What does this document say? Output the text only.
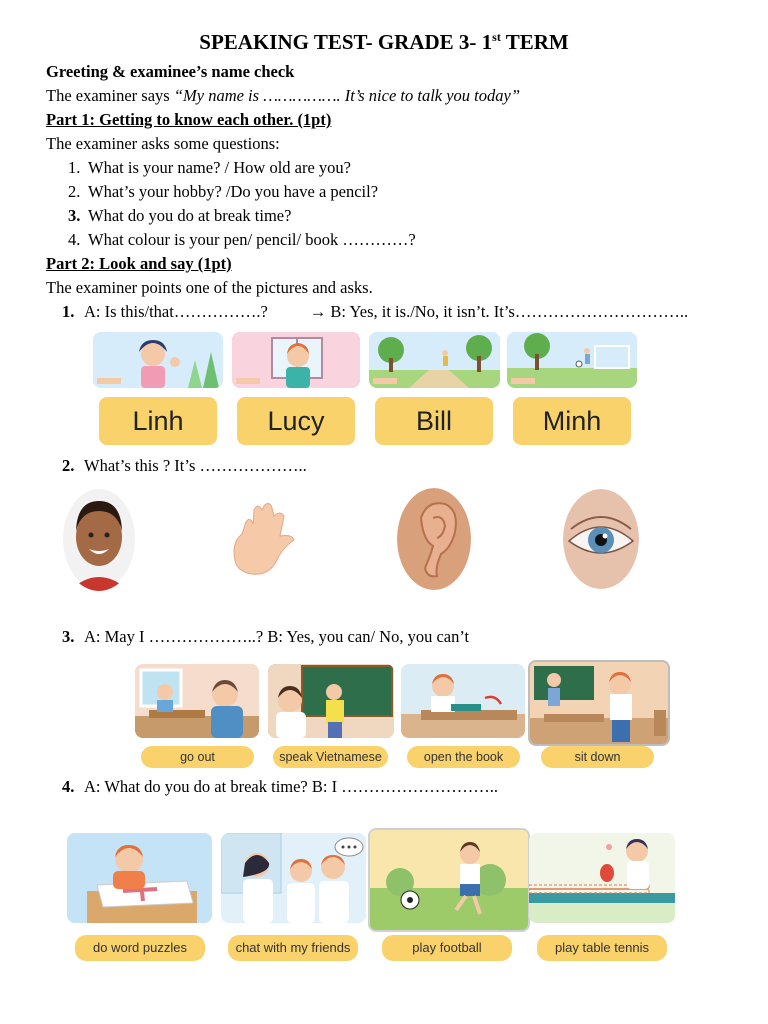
SPEAKING TEST- GRADE 3- 1st TERM
Greeting & examinee’s name check
The examiner says “My name is ……………. It’s nice to talk you today”
Part 1: Getting to know each other. (1pt)
The examiner asks some questions:
1. What is your name? / How old are you?
2. What’s your hobby? /Do you have a pencil?
3. What do you do at break time?
4. What colour is your pen/ pencil/ book …………?
Part 2: Look and say (1pt)
The examiner points one of the pictures and asks.
1. A: Is this/that…………….?	→ B: Yes, it is./No, it isn’t. It’s…………………………..
Linh	Lucy	Bill	Minh
2. What’s this ? It’s ………………..
3. A: May I ………………..? B: Yes, you can/ No, you can’t
go out	speak Vietnamese	open the book	sit down
4. A: What do you do at break time? B: I ………………………..
do word puzzles	chat with my friends	play football	play table tennis
